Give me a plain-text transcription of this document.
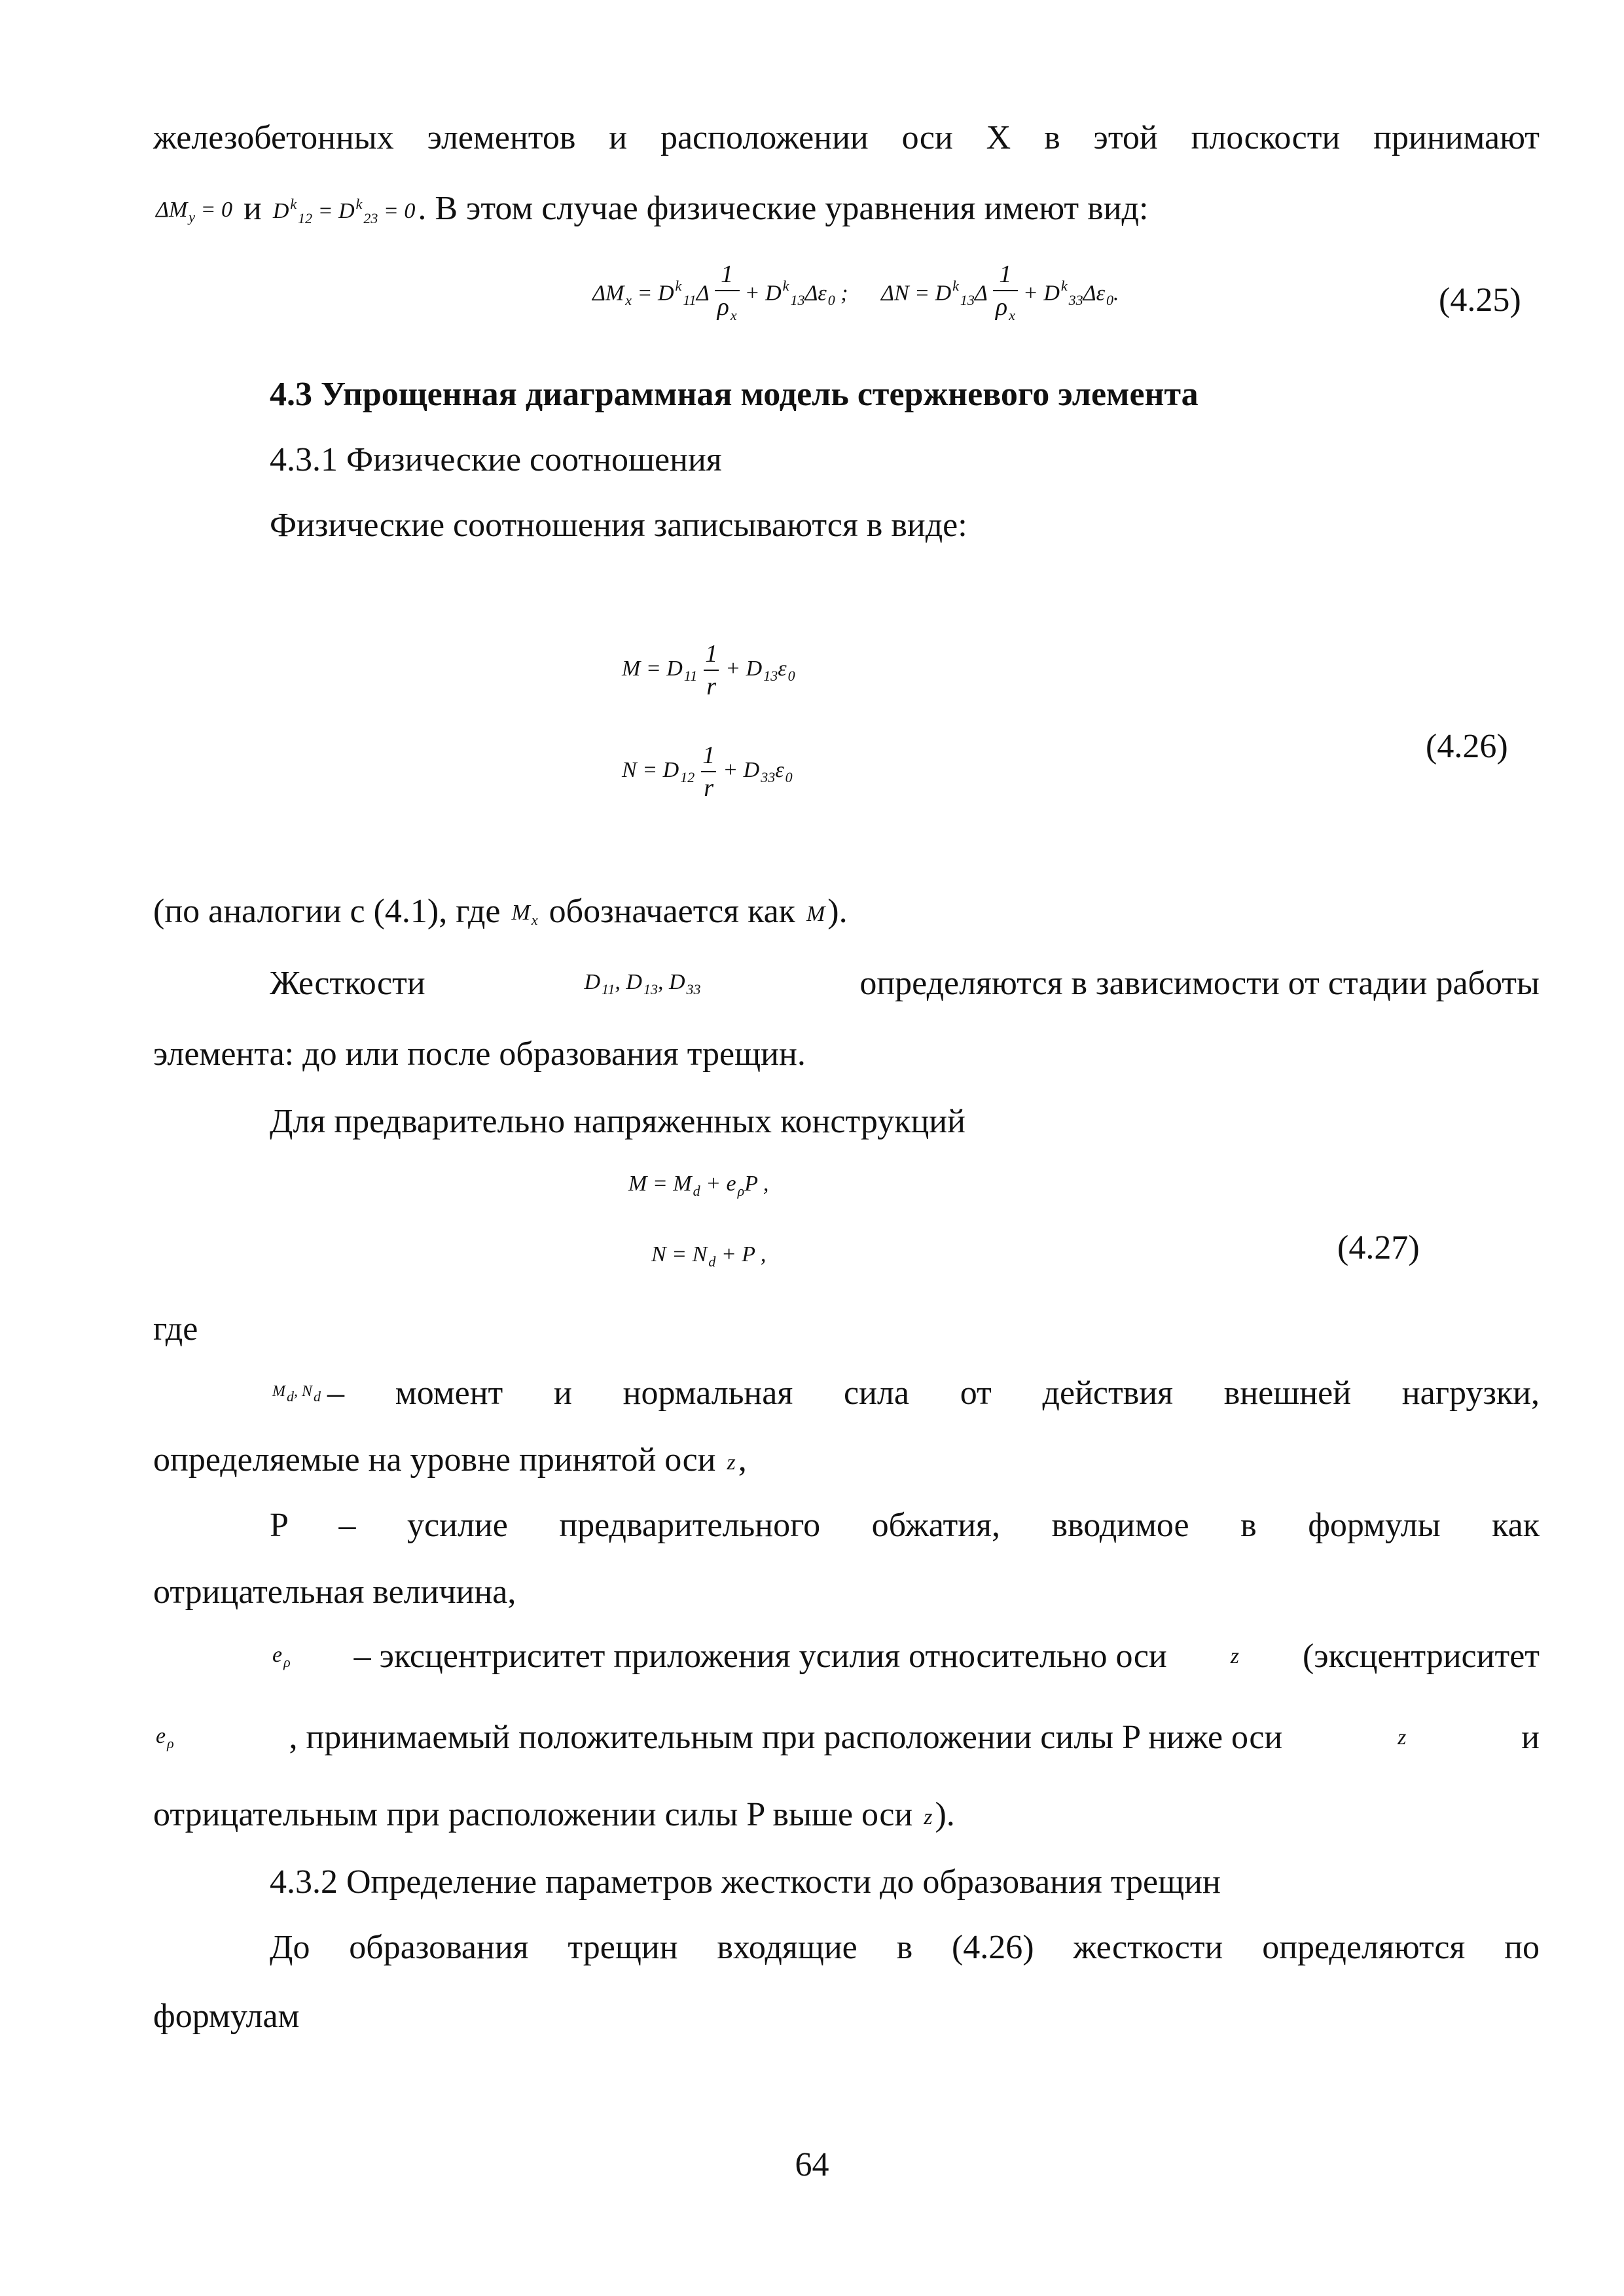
железобетонных элементов и расположении оси X в этой плоскости принимают
$\Delta M_y = 0$ и $D^k_{12} = D^k_{23} = 0$. В этом случае физические уравнения имеют вид:
$\Delta M_x = D^k_{11}\Delta \frac{1}{\rho_x} + D^k_{13}\Delta\varepsilon_0$ ; $\Delta N = D^k_{13}\Delta \frac{1}{\rho_x} + D^k_{33}\Delta\varepsilon_0$.	(4.25)
4.3 Упрощенная диаграммная модель стержневого элемента
4.3.1 Физические соотношения
Физические соотношения записываются в виде:
$M = D_{11} \frac{1}{r} + D_{13}\varepsilon_0$
$N = D_{12} \frac{1}{r} + D_{33}\varepsilon_0$
(4.26)
(по аналогии с (4.1), где $M_x$ обозначается как M).
Жесткости	$D_{11}$, $D_{13}$, $D_{33}$	определяются в зависимости от стадии работы
элемента: до или после образования трещин.
Для предварительно напряженных конструкций
$M = M_d + e_\rho P$ ,
$N = N_d + P$ ,	(4.27)
где
Md, Nd – момент и нормальная сила от действия внешней нагрузки,
определяемые на уровне принятой оси z,
P – усилие предварительного обжатия, вводимое в формулы как
отрицательная величина,
$e_\rho$ – эксцентриситет приложения усилия относительно оси	z (эксцентриситет
$e_\rho$	, принимаемый положительным при расположении силы P ниже оси	z	и
отрицательным при расположении силы P выше оси z).
4.3.2 Определение параметров жесткости до образования трещин
До образования трещин входящие в (4.26) жесткости определяются по
формулам
64
